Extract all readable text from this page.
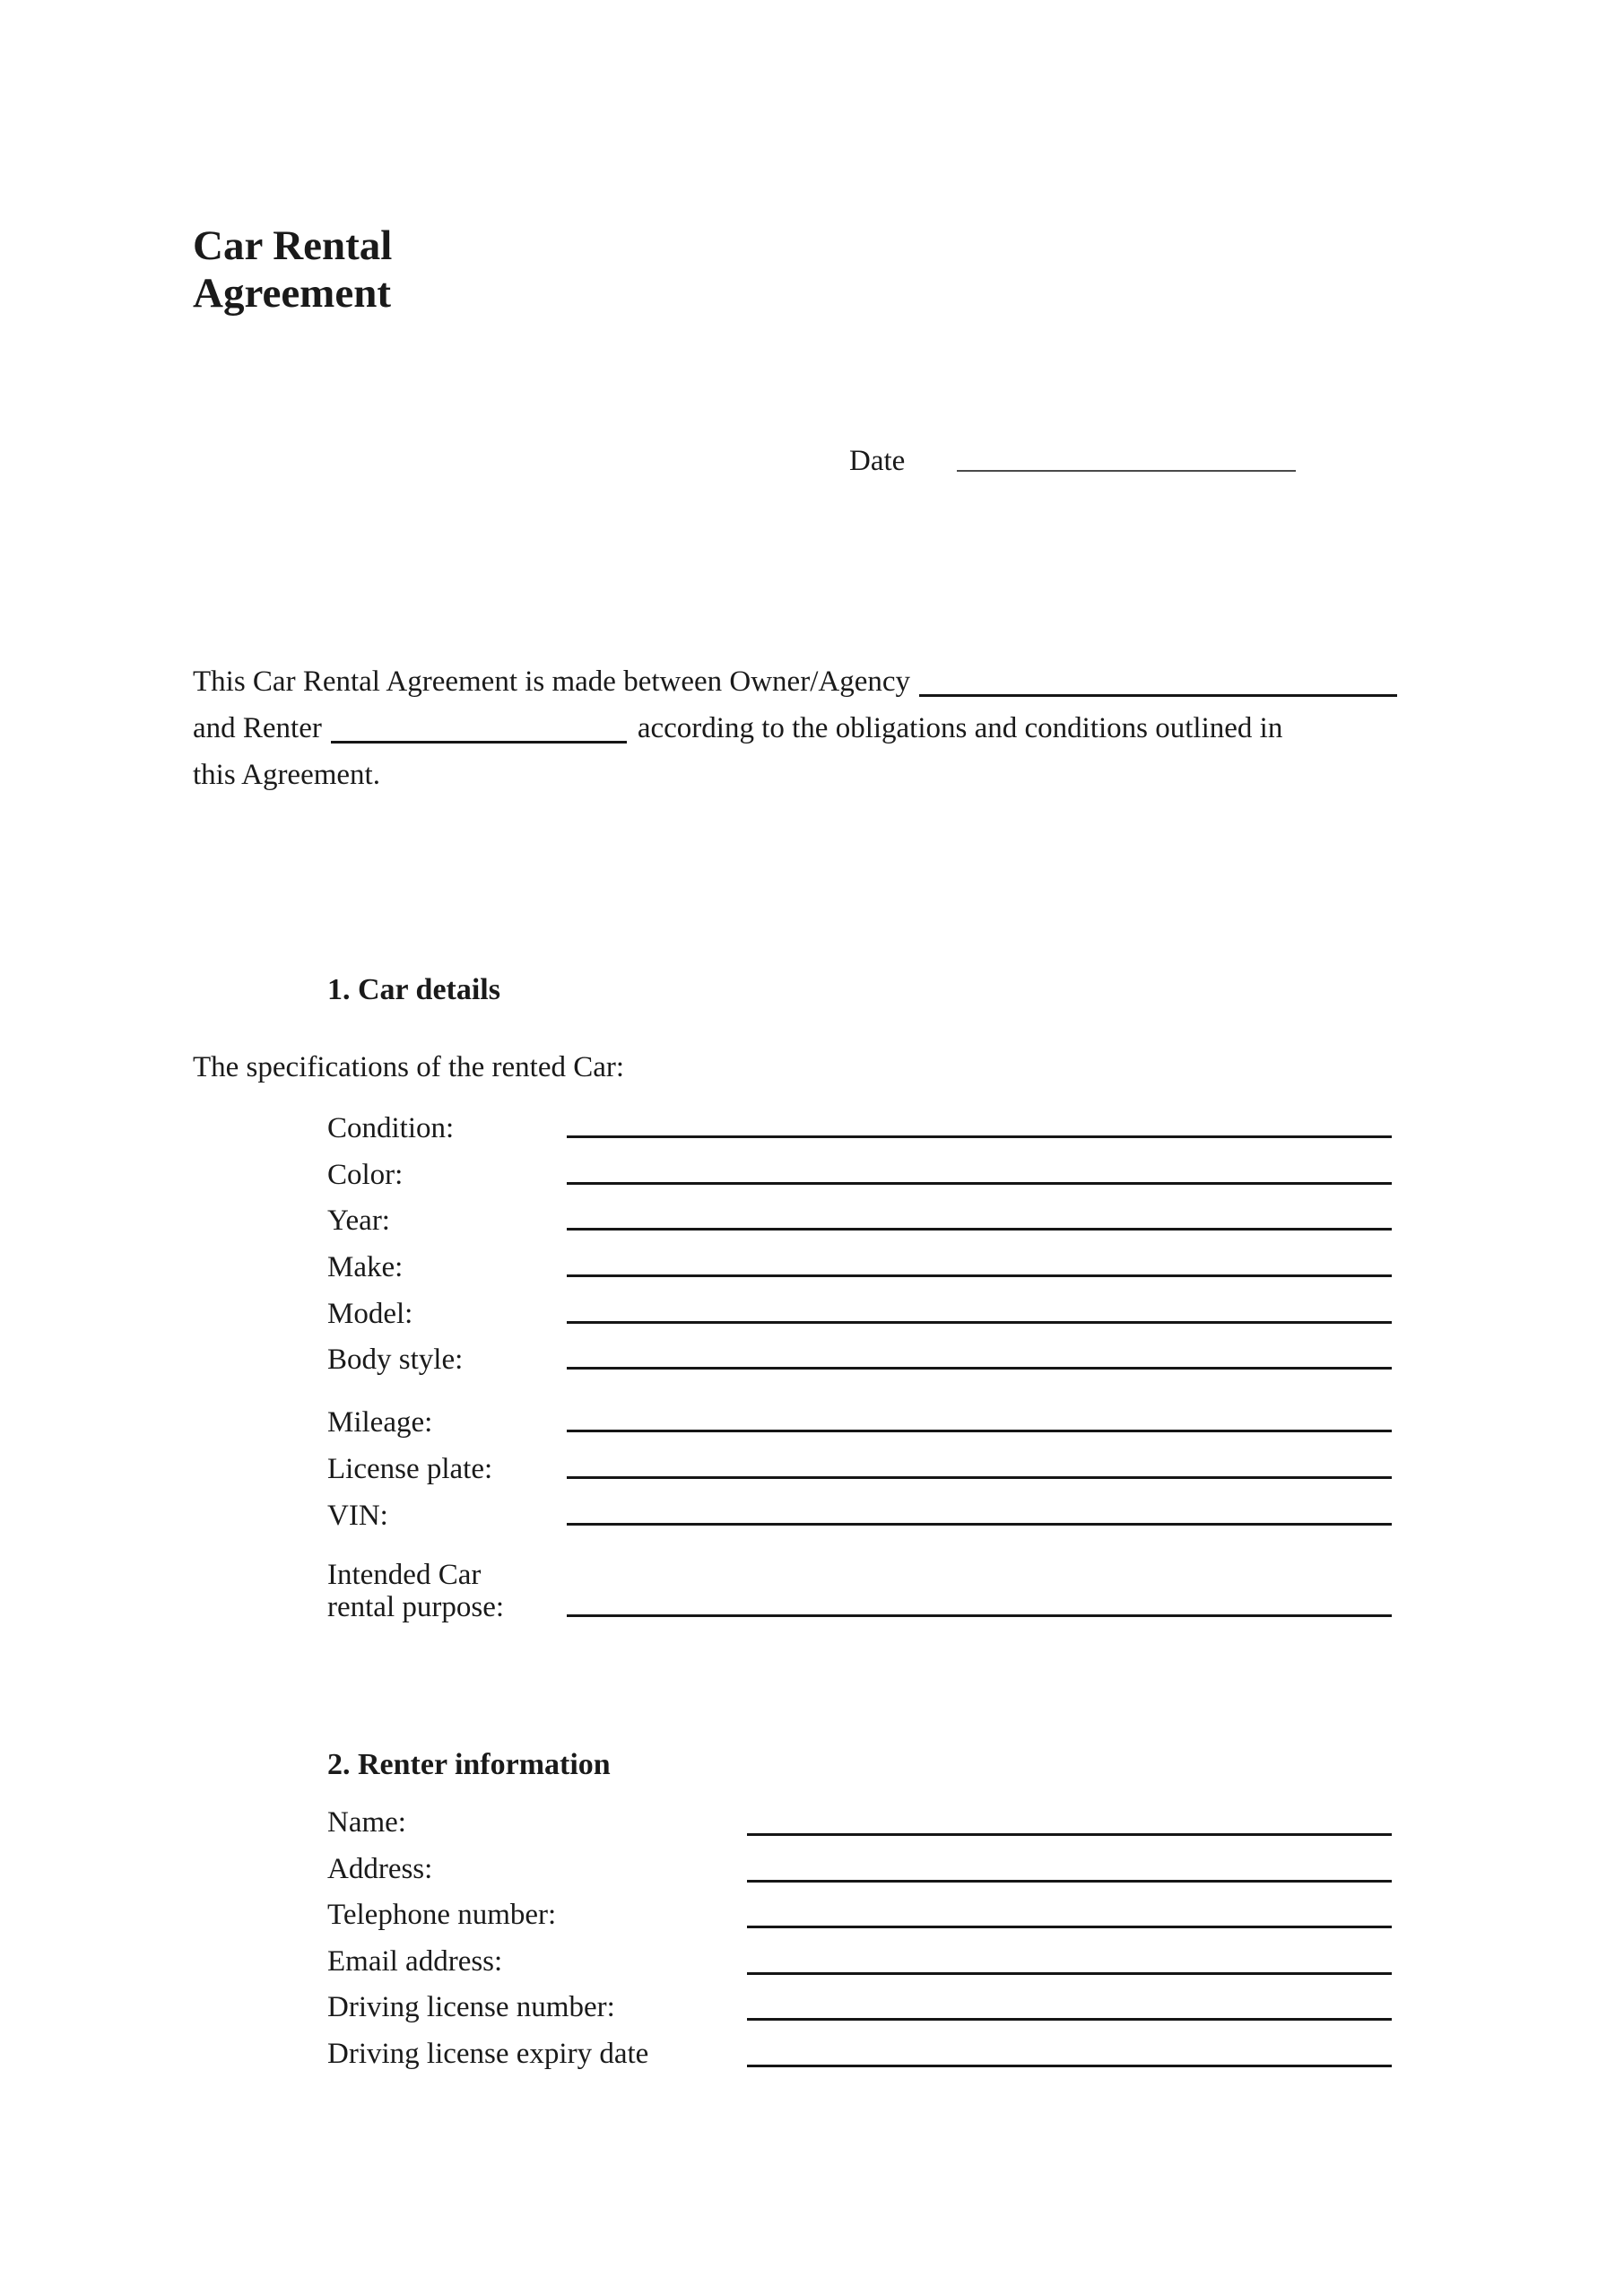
Car Rental
Agreement
Date
This Car Rental Agreement is made between Owner/Agency
and Renter	according to the obligations and conditions outlined in
this Agreement.
1. Car details
The specifications of the rented Car:
Condition:
Color:
Year:
Make:
Model:
Body style:
Mileage:
License plate:
VIN:
Intended Car
rental purpose:
2. Renter information
Name:
Address:
Telephone number:
Email address:
Driving license number:
Driving license expiry date
